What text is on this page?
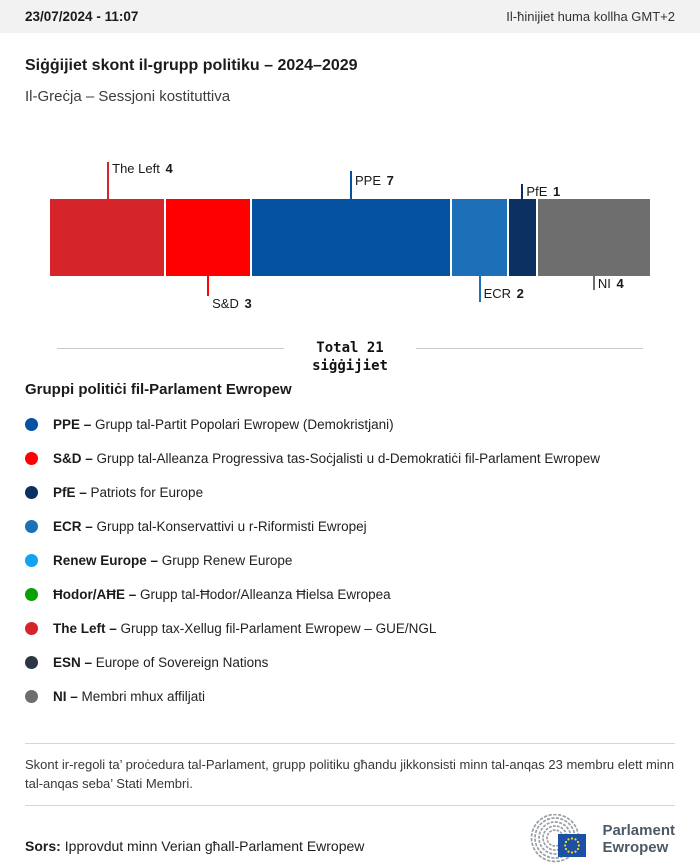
23/07/2024 - 11:07	Il-ħinijiet huma kollha GMT+2
Siġġijiet skont il-grupp politiku – 2024–2029
Il-Greċja – Sessjoni kostituttiva
The Left 4
S&D 3
PPE 7
ECR 2
PfE 1
NI 4
Total 21
siġġijiet
Gruppi politiċi fil-Parlament Ewropew
PPE – Grupp tal-Partit Popolari Ewropew (Demokristjani)
S&D – Grupp tal-Alleanza Progressiva tas-Soċjalisti u d-Demokratiċi fil-Parlament Ewropew
PfE – Patriots for Europe
ECR – Grupp tal-Konservattivi u r-Riformisti Ewropej
Renew Europe – Grupp Renew Europe
Ħodor/AĦE – Grupp tal-Ħodor/Alleanza Ħielsa Ewropea
The Left – Grupp tax-Xellug fil-Parlament Ewropew – GUE/NGL
ESN – Europe of Sovereign Nations
NI – Membri mhux affiljati
Skont ir-regoli ta’ proċedura tal-Parlament, grupp politiku għandu jikkonsisti minn tal-anqas 23 membru elett minn tal-anqas seba’ Stati Membri.
Sors: Ipprovdut minn Verian għall-Parlament Ewropew
Parlament
Ewropew
